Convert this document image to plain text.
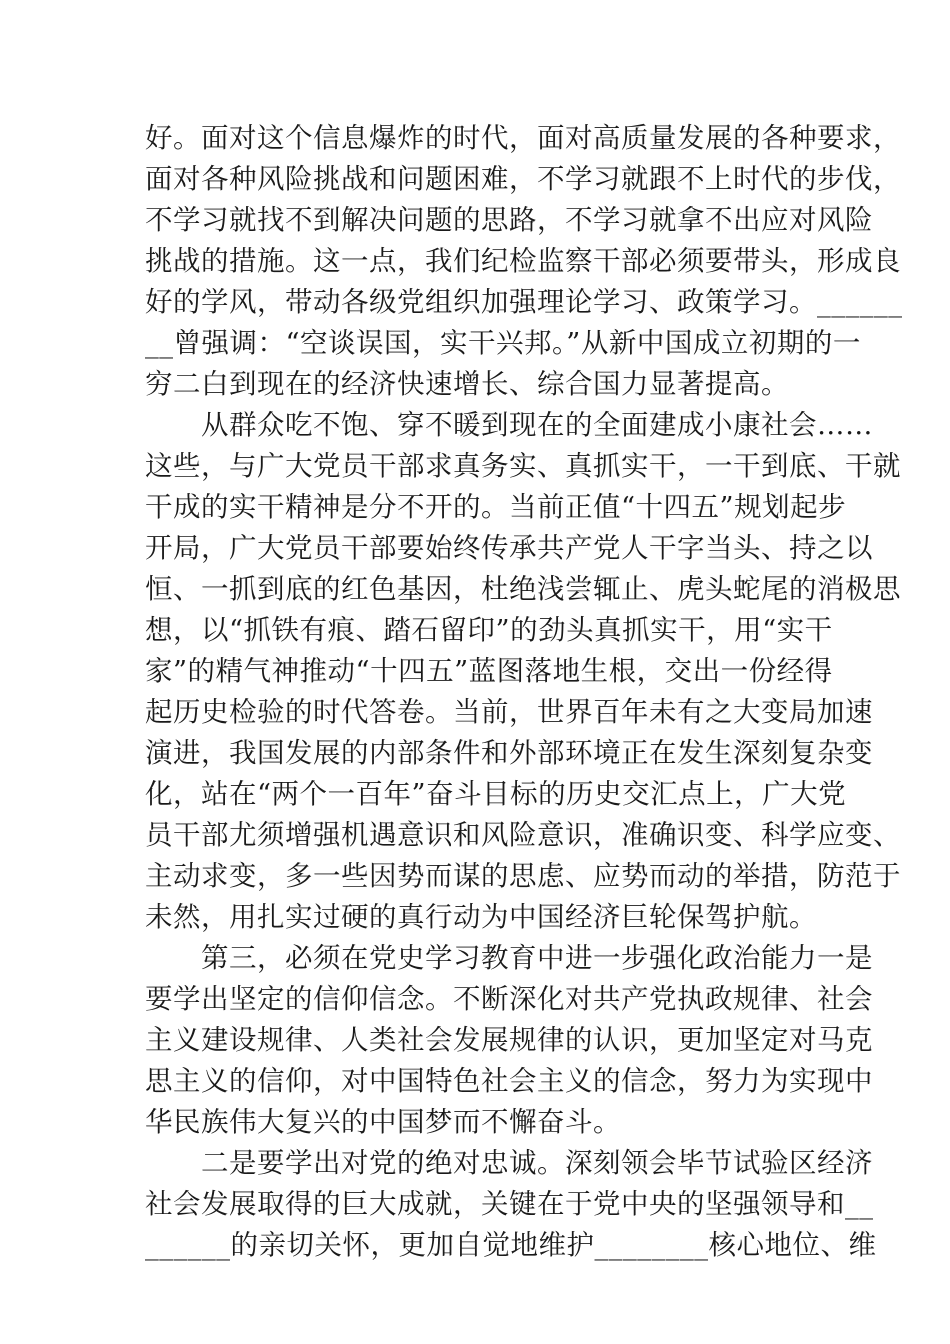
好。面对这个信息爆炸的时代，面对高质量发展的各种要求，
面对各种风险挑战和问题困难，不学习就跟不上时代的步伐，
不学习就找不到解决问题的思路，不学习就拿不出应对风险
挑战的措施。这一点，我们纪检监察干部必须要带头，形成良
好的学风，带动各级党组织加强理论学习、政策学习。______
__曾强调：“空谈误国，实干兴邦。”从新中国成立初期的一
穷二白到现在的经济快速增长、综合国力显著提高。
　　从群众吃不饱、穿不暖到现在的全面建成小康社会……
这些，与广大党员干部求真务实、真抓实干，一干到底、干就
干成的实干精神是分不开的。当前正值“十四五”规划起步
开局，广大党员干部要始终传承共产党人干字当头、持之以
恒、一抓到底的红色基因，杜绝浅尝辄止、虎头蛇尾的消极思
想，以“抓铁有痕、踏石留印”的劲头真抓实干，用“实干
家”的精气神推动“十四五”蓝图落地生根，交出一份经得
起历史检验的时代答卷。当前，世界百年未有之大变局加速
演进，我国发展的内部条件和外部环境正在发生深刻复杂变
化，站在“两个一百年”奋斗目标的历史交汇点上，广大党
员干部尤须增强机遇意识和风险意识，准确识变、科学应变、
主动求变，多一些因势而谋的思虑、应势而动的举措，防范于
未然，用扎实过硬的真行动为中国经济巨轮保驾护航。
　　第三，必须在党史学习教育中进一步强化政治能力一是
要学出坚定的信仰信念。不断深化对共产党执政规律、社会
主义建设规律、人类社会发展规律的认识，更加坚定对马克
思主义的信仰，对中国特色社会主义的信念，努力为实现中
华民族伟大复兴的中国梦而不懈奋斗。
　　二是要学出对党的绝对忠诚。深刻领会毕节试验区经济
社会发展取得的巨大成就，关键在于党中央的坚强领导和__
______的亲切关怀，更加自觉地维护________核心地位、维
